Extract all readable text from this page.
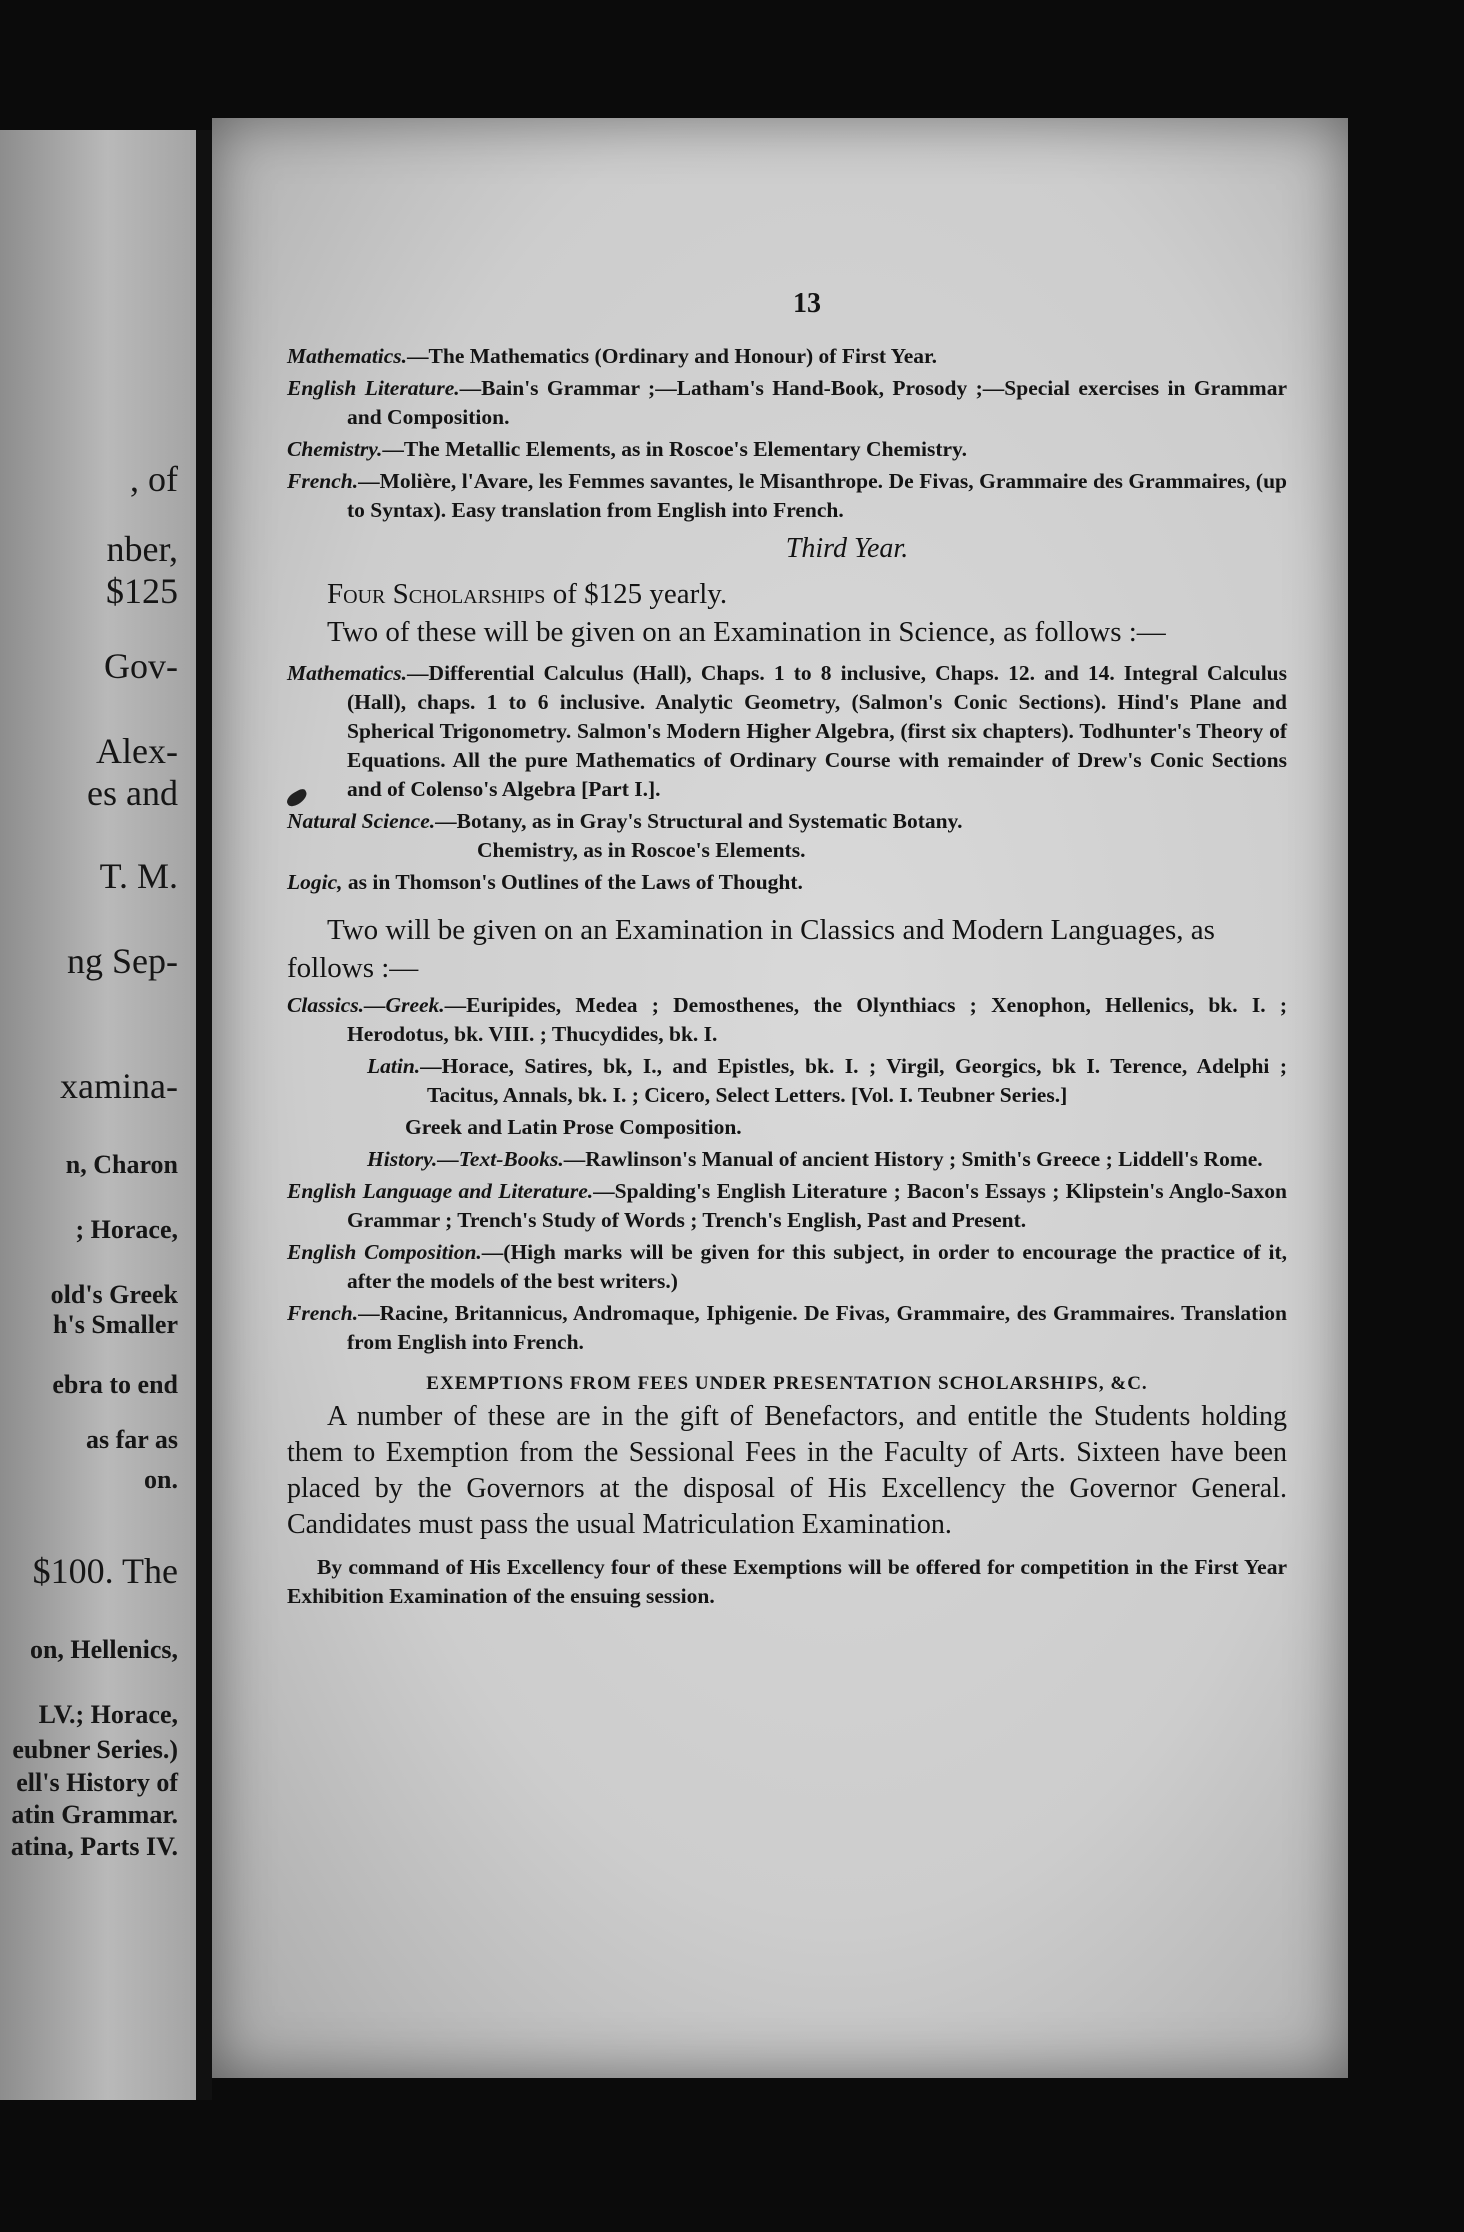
, of
nber,
$125
Gov-
Alex-
es and
T. M.
ng Sep-
xamina-
n, Charon
; Horace,
old's Greek
h's Smaller
ebra to end
as far as
on.
$100. The
on, Hellenics,
LV.; Horace,
eubner Series.)
ell's History of
atin Grammar.
atina, Parts IV.
13

Mathematics.—The Mathematics (Ordinary and Honour) of First Year.

English Literature.—Bain's Grammar ;—Latham's Hand-Book, Prosody ;—Special exercises in Grammar and Composition.

Chemistry.—The Metallic Elements, as in Roscoe's Elementary Chemistry.

French.—Molière, l'Avare, les Femmes savantes, le Misanthrope. De Fivas, Grammaire des Grammaires, (up to Syntax). Easy translation from English into French.

Third Year.

Four Scholarships of $125 yearly.

Two of these will be given on an Examination in Science, as follows :—

Mathematics.—Differential Calculus (Hall), Chaps. 1 to 8 inclusive, Chaps. 12. and 14. Integral Calculus (Hall), chaps. 1 to 6 inclusive. Analytic Geometry, (Salmon's Conic Sections). Hind's Plane and Spherical Trigonometry. Salmon's Modern Higher Algebra, (first six chapters). Todhunter's Theory of Equations. All the pure Mathematics of Ordinary Course with remainder of Drew's Conic Sections and of Colenso's Algebra [Part I.].

Natural Science.—Botany, as in Gray's Structural and Systematic Botany.

Chemistry, as in Roscoe's Elements.

Logic, as in Thomson's Outlines of the Laws of Thought.

Two will be given on an Examination in Classics and Modern Languages, as follows :—

Classics.—Greek.—Euripides, Medea ; Demosthenes, the Olynthiacs ; Xenophon, Hellenics, bk. I. ; Herodotus, bk. VIII. ; Thucydides, bk. I.

Latin.—Horace, Satires, bk, I., and Epistles, bk. I. ; Virgil, Georgics, bk I. Terence, Adelphi ; Tacitus, Annals, bk. I. ; Cicero, Select Letters. [Vol. I. Teubner Series.]

Greek and Latin Prose Composition.

History.—Text-Books.—Rawlinson's Manual of ancient History ; Smith's Greece ; Liddell's Rome.

English Language and Literature.—Spalding's English Literature ; Bacon's Essays ; Klipstein's Anglo-Saxon Grammar ; Trench's Study of Words ; Trench's English, Past and Present.

English Composition.—(High marks will be given for this subject, in order to encourage the practice of it, after the models of the best writers.)

French.—Racine, Britannicus, Andromaque, Iphigenie. De Fivas, Grammaire, des Grammaires. Translation from English into French.

EXEMPTIONS FROM FEES UNDER PRESENTATION SCHOLARSHIPS, &C.

A number of these are in the gift of Benefactors, and entitle the Students holding them to Exemption from the Sessional Fees in the Faculty of Arts. Sixteen have been placed by the Governors at the disposal of His Excellency the Governor General. Candidates must pass the usual Matriculation Examination.

By command of His Excellency four of these Exemptions will be offered for competition in the First Year Exhibition Examination of the ensuing session.
